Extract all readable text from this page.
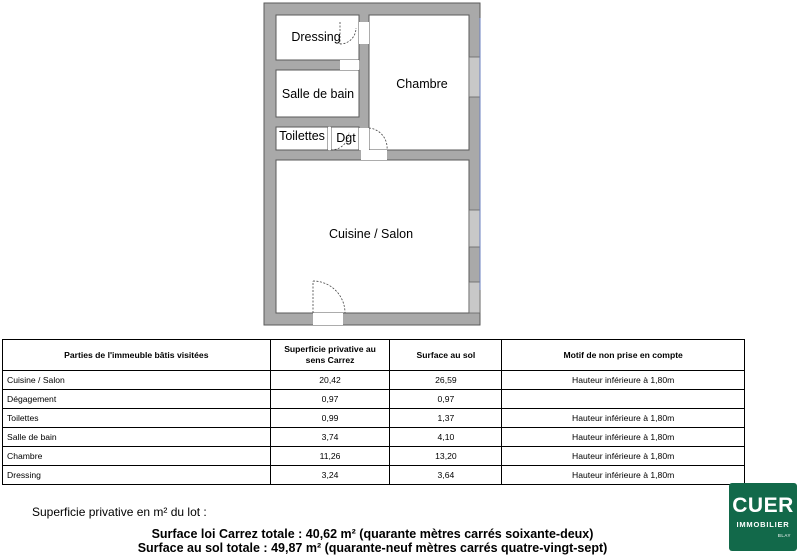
Dressing
Chambre
Salle de bain
Toilettes Dgt
Cuisine / Salon
Parties de l'immeuble bâtis visitées	Superficie privative au sens Carrez	Surface au sol	Motif de non prise en compte
Cuisine / Salon	20,42	26,59	Hauteur inférieure à 1,80m
Dégagement	0,97	0,97	
Toilettes	0,99	1,37	Hauteur inférieure à 1,80m
Salle de bain	3,74	4,10	Hauteur inférieure à 1,80m
Chambre	11,26	13,20	Hauteur inférieure à 1,80m
Dressing	3,24	3,64	Hauteur inférieure à 1,80m
Superficie privative en m² du lot :
Surface loi Carrez totale : 40,62 m² (quarante mètres carrés soixante-deux)
Surface au sol totale : 49,87 m² (quarante-neuf mètres carrés quatre-vingt-sept)
CUER
IMMOBILIER
BLAY
